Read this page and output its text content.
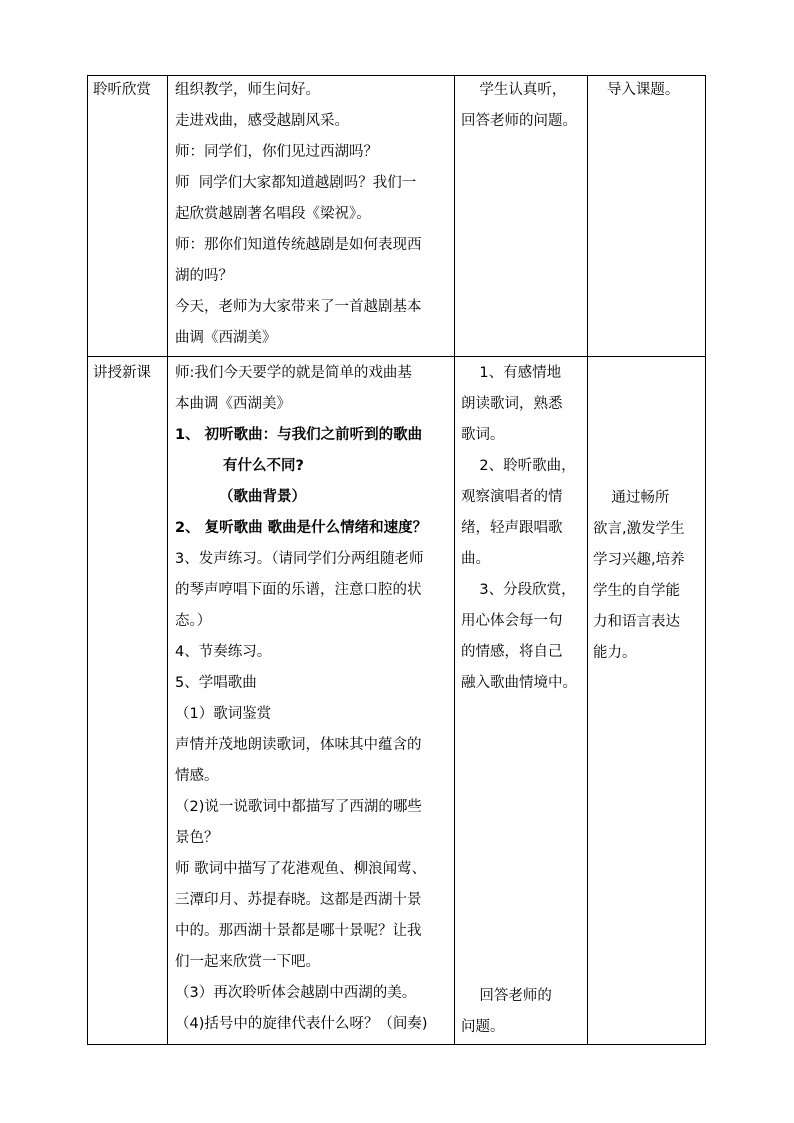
聆听欣赏	组织教学，师生问好。
走进戏曲，感受越剧风采。
师：同学们，你们见过西湖吗？
师  同学们大家都知道越剧吗？我们一
起欣赏越剧著名唱段《梁祝》。
师：那你们知道传统越剧是如何表现西
湖的吗？
今天，老师为大家带来了一首越剧基本
曲调《西湖美》
学生认真听，
回答老师的问题。
导入课题。
讲授新课	师:我们今天要学的就是简单的戏曲基
本曲调《西湖美》
1、 初听歌曲：与我们之前听到的歌曲
有什么不同?
（歌曲背景）
2、 复听歌曲 歌曲是什么情绪和速度？
3、发声练习。（请同学们分两组随老师
的琴声哼唱下面的乐谱，注意口腔的状
态。）
4、节奏练习。
5、学唱歌曲
（1）歌词鉴赏
声情并茂地朗读歌词，体味其中蕴含的
情感。
（2)说一说歌词中都描写了西湖的哪些
景色？
师 歌词中描写了花港观鱼、柳浪闻莺、
三潭印月、苏提春晓。这都是西湖十景
中的。那西湖十景都是哪十景呢？让我
们一起来欣赏一下吧。
（3）再次聆听体会越剧中西湖的美。
（4)括号中的旋律代表什么呀？（间奏)
1、有感情地
朗读歌词，熟悉
歌词。
2、聆听歌曲，
观察演唱者的情
绪，轻声跟唱歌
曲。
3、分段欣赏，
用心体会每一句
的情感，将自己
融入歌曲情境中。
回答老师的
问题。
通过畅所
欲言,激发学生
学习兴趣,培养
学生的自学能
力和语言表达
能力。
